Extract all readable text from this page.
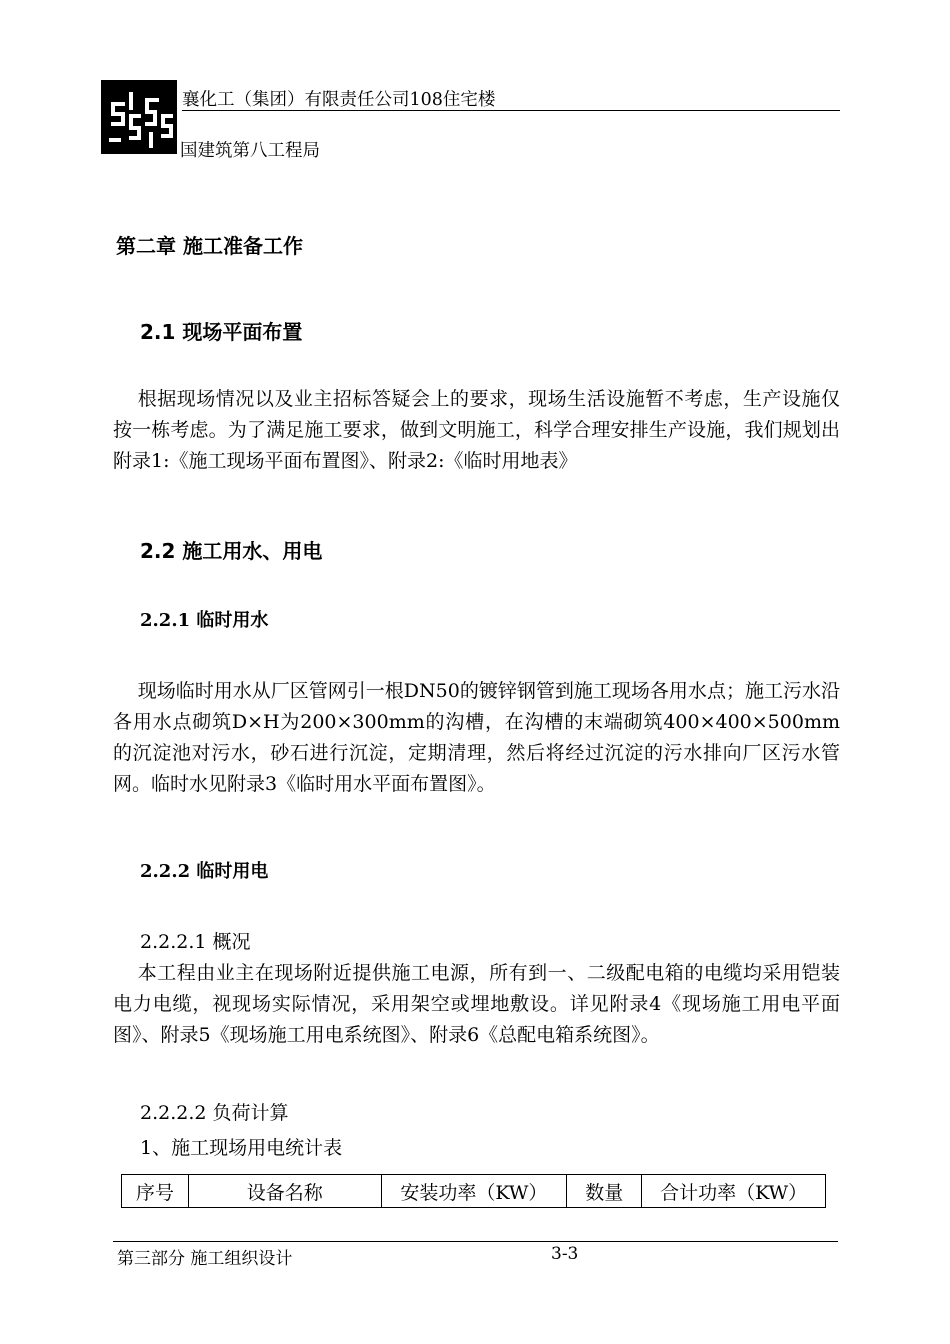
襄化工（集团）有限责任公司108住宅楼
国建筑第八工程局
第二章 施工准备工作
2.1 现场平面布置
根据现场情况以及业主招标答疑会上的要求，现场生活设施暂不考虑，生产设施仅按一栋考虑。为了满足施工要求，做到文明施工，科学合理安排生产设施，我们规划出附录1:《施工现场平面布置图》、附录2:《临时用地表》
2.2 施工用水、用电
2.2.1 临时用水
现场临时用水从厂区管网引一根DN50的镀锌钢管到施工现场各用水点；施工污水沿各用水点砌筑D×H为200×300mm的沟槽，在沟槽的末端砌筑400×400×500mm的沉淀池对污水，砂石进行沉淀，定期清理，然后将经过沉淀的污水排向厂区污水管网。临时水见附录3《临时用水平面布置图》。
2.2.2 临时用电
2.2.2.1 概况
本工程由业主在现场附近提供施工电源，所有到一、二级配电箱的电缆均采用铠装电力电缆，视现场实际情况，采用架空或埋地敷设。详见附录4《现场施工用电平面图》、附录5《现场施工用电系统图》、附录6《总配电箱系统图》。
2.2.2.2 负荷计算
1、施工现场用电统计表
序号	设备名称	安装功率（KW）	数量	合计功率（KW）
第三部分 施工组织设计	3-3
